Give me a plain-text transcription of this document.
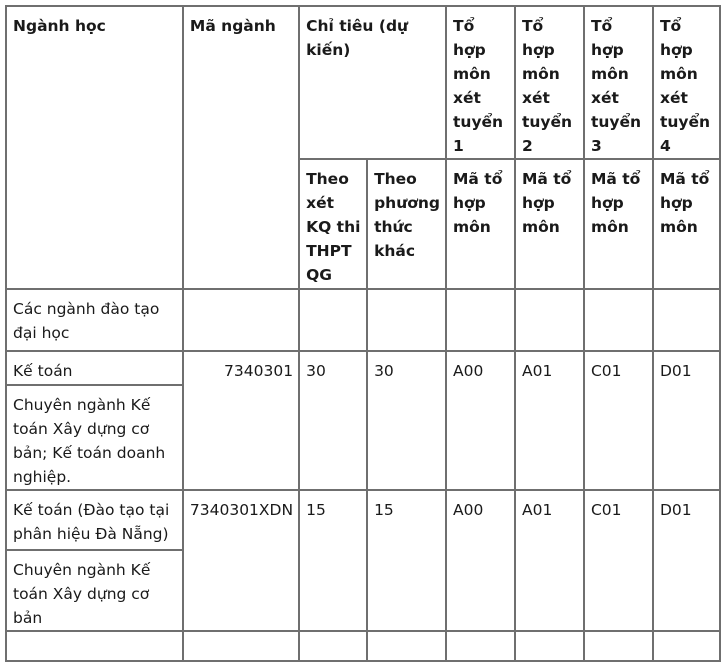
Ngành học	Mã ngành	Chỉ tiêu (dự kiến)		Tổ hợp môn xét tuyển 1	Tổ hợp môn xét tuyển 2	Tổ hợp môn xét tuyển 3	Tổ hợp môn xét tuyển 4
		Theo xét KQ thi THPT QG	Theo phương thức khác	Mã tổ hợp môn	Mã tổ hợp môn	Mã tổ hợp môn	Mã tổ hợp môn
Các ngành đào tạo đại học							
Kế toán	7340301	30	30	A00	A01	C01	D01
Chuyên ngành Kế toán Xây dựng cơ bản; Kế toán doanh nghiệp.							
Kế toán (Đào tạo tại phân hiệu Đà Nẵng)	7340301XDN	15	15	A00	A01	C01	D01
Chuyên ngành Kế toán Xây dựng cơ bản							
